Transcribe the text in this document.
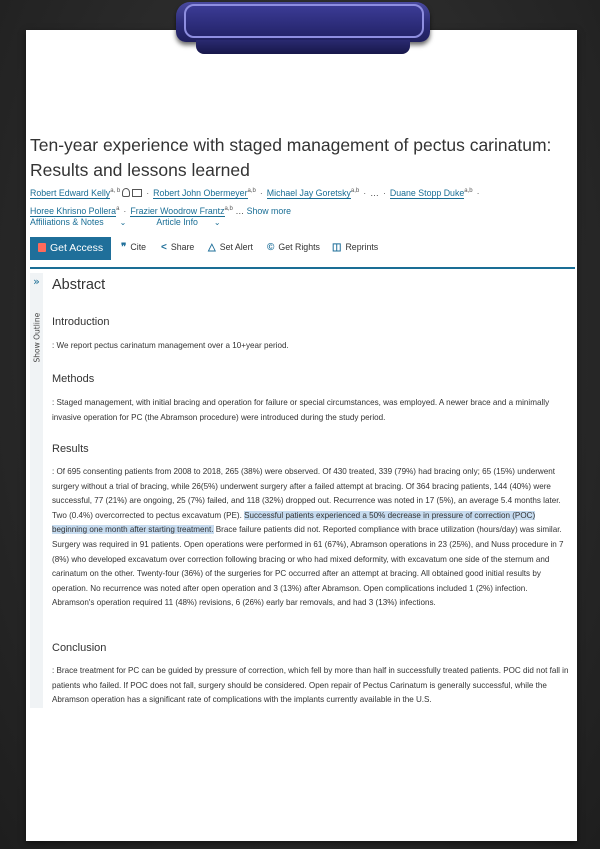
Ten-year experience with staged management of pectus carinatum: Results and lessons learned
Robert Edward Kelly$^{a, b}$	· Robert John Obermeyer$^{a,b}$ · Michael Jay Goretsky$^{a,b}$ · … · Duane Stopp Duke$^{a,b}$ ·
Horee Khrisno Pollera$^a$ · Frazier Woodrow Frantz$^{a,b}$ … Show more
Affiliations & Notes ⌄	Article Info ⌄
Get Access	❞ Cite < Share △ Set Alert © Get Rights ◫ Reprints
»
Show Outline
Abstract
Introduction
: We report pectus carinatum management over a 10+year period.
Methods
: Staged management, with initial bracing and operation for failure or special circumstances, was employed. A newer brace and a minimally invasive operation for PC (the Abramson procedure) were introduced during the study period.
Results
: Of 695 consenting patients from 2008 to 2018, 265 (38%) were observed. Of 430 treated, 339 (79%) had bracing only; 65 (15%) underwent surgery without a trial of bracing, while 26(5%) underwent surgery after a failed attempt at bracing. Of 364 bracing patients, 144 (40%) were successful, 77 (21%) are ongoing, 25 (7%) failed, and 118 (32%) dropped out. Recurrence was noted in 17 (5%), an average 5.4 months later. Two (0.4%) overcorrected to pectus excavatum (PE). Successful patients experienced a 50% decrease in pressure of correction (POC) beginning one month after starting treatment. Brace failure patients did not. Reported compliance with brace utilization (hours/day) was similar. Surgery was required in 91 patients. Open operations were performed in 61 (67%), Abramson operations in 23 (25%), and Nuss procedure in 7 (8%) who developed excavatum over correction following bracing or who had mixed deformity, with excavatum one side of the sternum and carinatum on the other. Twenty-four (36%) of the surgeries for PC occurred after an attempt at bracing. All obtained good initial results by operation. No recurrence was noted after open operation and 3 (13%) after Abramson. Open complications included 1 (2%) infection. Abramson's operation required 11 (48%) revisions, 6 (26%) early bar removals, and had 3 (13%) infections.
Conclusion
: Brace treatment for PC can be guided by pressure of correction, which fell by more than half in successfully treated patients. POC did not fall in patients who failed. If POC does not fall, surgery should be considered. Open repair of Pectus Carinatum is generally successful, while the Abramson operation has a significant rate of complications with the implants currently available in the U.S.
